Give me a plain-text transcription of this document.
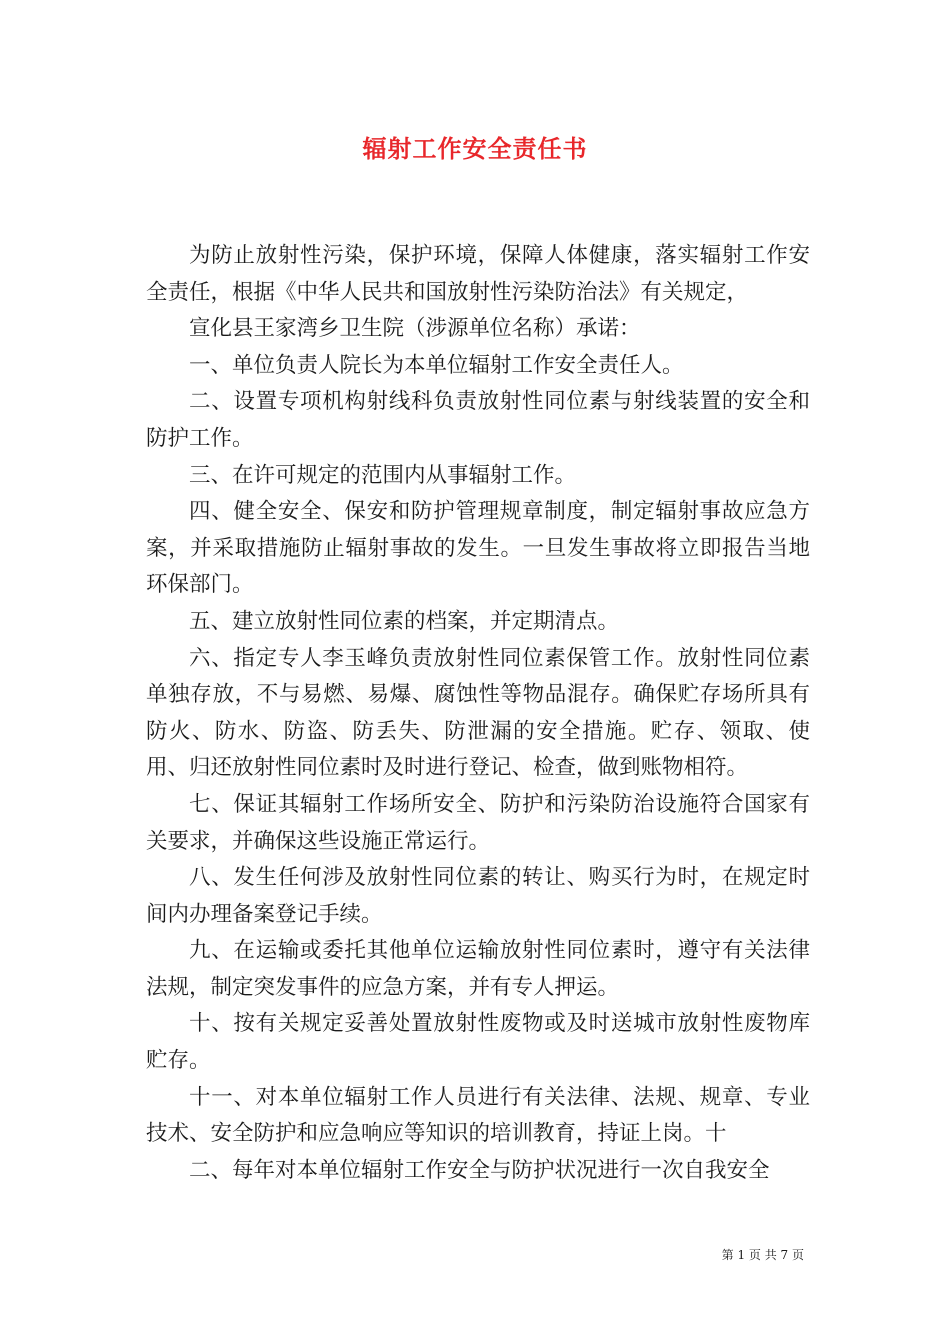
辐射工作安全责任书

为防止放射性污染，保护环境，保障人体健康，落实辐射工作安全责任，根据《中华人民共和国放射性污染防治法》有关规定，

宣化县王家湾乡卫生院（涉源单位名称）承诺：

一、单位负责人院长为本单位辐射工作安全责任人。

二、设置专项机构射线科负责放射性同位素与射线装置的安全和防护工作。

三、在许可规定的范围内从事辐射工作。

四、健全安全、保安和防护管理规章制度，制定辐射事故应急方案，并采取措施防止辐射事故的发生。一旦发生事故将立即报告当地环保部门。

五、建立放射性同位素的档案，并定期清点。

六、指定专人李玉峰负责放射性同位素保管工作。放射性同位素单独存放，不与易燃、易爆、腐蚀性等物品混存。确保贮存场所具有防火、防水、防盗、防丢失、防泄漏的安全措施。贮存、领取、使用、归还放射性同位素时及时进行登记、检查，做到账物相符。

七、保证其辐射工作场所安全、防护和污染防治设施符合国家有关要求，并确保这些设施正常运行。

八、发生任何涉及放射性同位素的转让、购买行为时，在规定时间内办理备案登记手续。

九、在运输或委托其他单位运输放射性同位素时，遵守有关法律法规，制定突发事件的应急方案，并有专人押运。

十、按有关规定妥善处置放射性废物或及时送城市放射性废物库贮存。

十一、对本单位辐射工作人员进行有关法律、法规、规章、专业技术、安全防护和应急响应等知识的培训教育，持证上岗。十

二、每年对本单位辐射工作安全与防护状况进行一次自我安全

第 1 页 共 7 页
